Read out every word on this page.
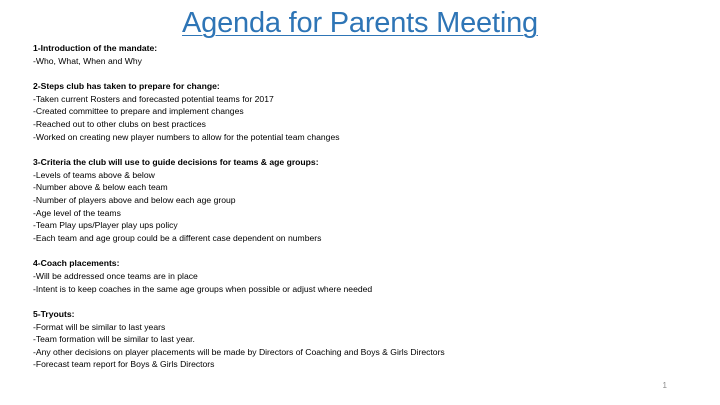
Agenda for Parents Meeting
1-Introduction of the mandate:
-Who, What, When and Why
2-Steps club has taken to prepare for change:
-Taken current Rosters and forecasted potential teams for 2017
-Created committee to prepare and implement changes
-Reached out to other clubs on best practices
-Worked on creating new player numbers to allow for the potential team changes
3-Criteria the club will use to guide decisions for teams & age groups:
-Levels of teams above & below
-Number above & below each team
-Number of players above and below each age group
-Age level of the teams
-Team Play ups/Player play ups policy
-Each team and age group could be a different case dependent on numbers
4-Coach placements:
-Will be addressed once teams are in place
-Intent is to keep coaches in the same age groups when possible or adjust where needed
5-Tryouts:
-Format will be similar to last years
-Team formation will be similar to last year.
-Any other decisions on player placements will be made by Directors of Coaching and Boys & Girls Directors
-Forecast team report for Boys & Girls Directors
1
